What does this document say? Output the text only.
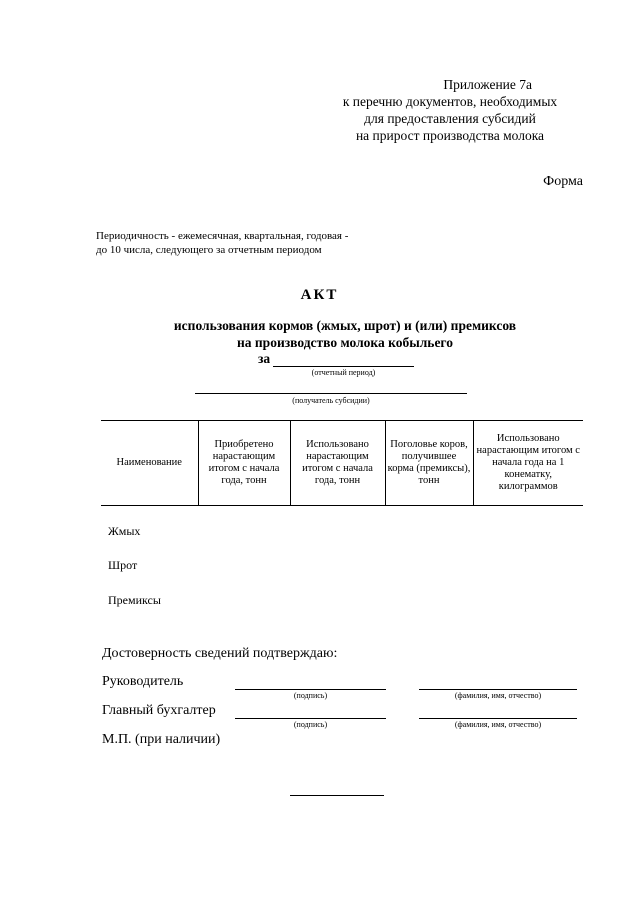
Приложение 7а
к перечню документов, необходимых
для предоставления субсидий
на прирост производства молока
Форма
Периодичность - ежемесячная, квартальная, годовая -
до 10 числа, следующего за отчетным периодом
АКТ
использования кормов (жмых, шрот) и (или) премиксов
на производство молока кобыльего
за
(отчетный период)
(получатель субсидии)
Наименование	Приобретено нарастающим итогом с начала года, тонн	Использовано нарастающим итогом с начала года, тонн	Поголовье коров, получившее корма (премиксы), тонн	Использовано нарастающим итогом с начала года на 1 конематку, килограммов
Жмых
Шрот
Премиксы
Достоверность сведений подтверждаю:
Руководитель
(подпись)	(фамилия, имя, отчество)
Главный бухгалтер
(подпись)	(фамилия, имя, отчество)
М.П. (при наличии)
